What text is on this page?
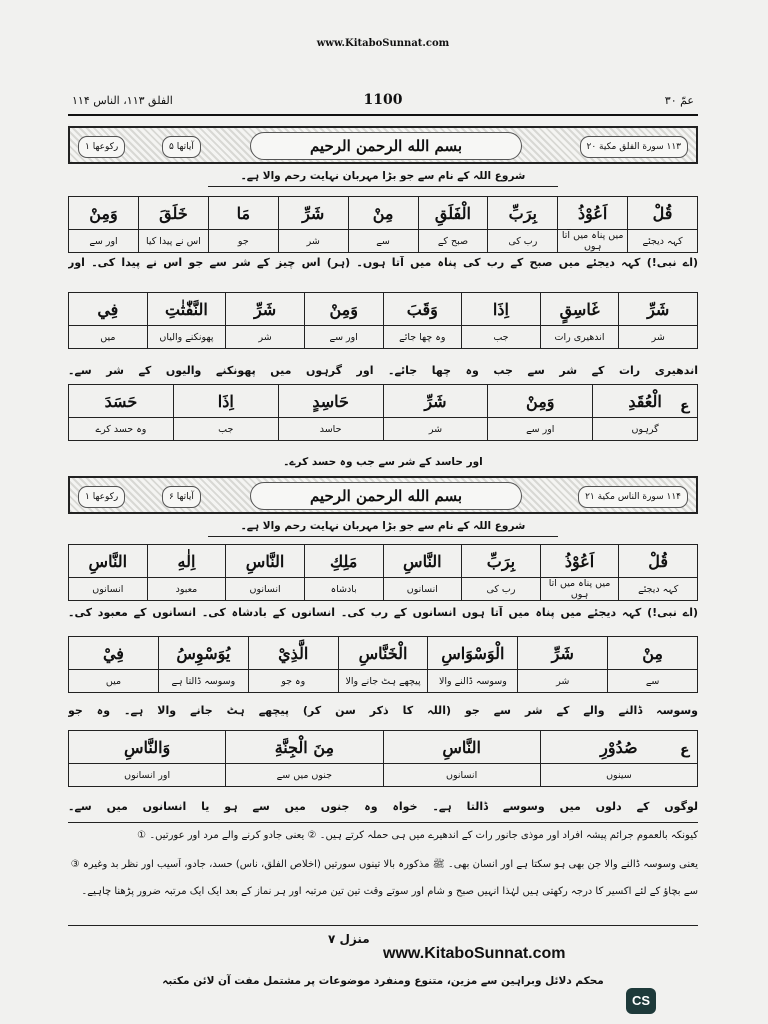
www.KitaboSunnat.com
الفلق ۱۱۳، الناس ۱۱۴	1100	عمّ ۳۰
ركوعها ۱	آياتها ۵	بسم الله الرحمن الرحيم	۱۱۳ سورة الفلق مكية ۲۰
شروع اللہ کے نام سے جو بڑا مہربان نہایت رحم والا ہے۔
قُلْ	اَعُوْذُ	بِرَبِّ	الْفَلَقِ	مِنْ	شَرِّ	مَا	خَلَقَ	وَمِنْ
کہہ دیجئے	میں پناہ میں آتا ہوں	رب کی	صبح کے	سے	شر	جو	اس نے پیدا کیا	اور سے
(اے نبی!) کہہ دیجئے میں صبح کے رب کی پناہ میں آتا ہوں۔ (ہر) اس چیز کے شر سے جو اس نے پیدا کی۔ اور
شَرِّ	غَاسِقٍ	اِذَا	وَقَبَ	وَمِنْ	شَرِّ	النَّفّٰثٰتِ	فِي
شر	اندھیری رات	جب	وہ چھا جائے	اور سے	شر	پھونکنے والیاں	میں
اندھیری رات کے شر سے جب وہ چھا جائے۔ اور گرہوں میں پھونکنے والیوں کے شر سے۔
الْعُقَدِ	وَمِنْ	شَرِّ	حَاسِدٍ	اِذَا	حَسَدَ
گرہوں	اور سے	شر	حاسد	جب	وہ حسد کرے
ع
اور حاسد کے شر سے جب وہ حسد کرے۔
ركوعها ۱	آياتها ۶	بسم الله الرحمن الرحيم	۱۱۴ سورة الناس مكية ۲۱
شروع اللہ کے نام سے جو بڑا مہربان نہایت رحم والا ہے۔
قُلْ	اَعُوْذُ	بِرَبِّ	النَّاسِ	مَلِكِ	النَّاسِ	اِلٰهِ	النَّاسِ
کہہ دیجئے	میں پناہ میں آتا ہوں	رب کی	انسانوں	بادشاہ	انسانوں	معبود	انسانوں
(اے نبی!) کہہ دیجئے میں پناہ میں آتا ہوں انسانوں کے رب کی۔ انسانوں کے بادشاہ کی۔ انسانوں کے معبود کی۔
مِنْ	شَرِّ	الْوَسْوَاسِ	الْخَنَّاسِ	الَّذِيْ	يُوَسْوِسُ	فِيْ
سے	شر	وسوسہ ڈالنے والا	پیچھے ہٹ جانے والا	وہ جو	وسوسہ ڈالتا ہے	میں
وسوسہ ڈالنے والے کے شر سے جو (اللہ کا ذکر سن کر) پیچھے ہٹ جانے والا ہے۔ وہ جو
صُدُوْرِ	النَّاسِ	مِنَ الْجِنَّةِ	وَالنَّاسِ
سینوں	انسانوں	جنوں میں سے	اور انسانوں
ع
لوگوں کے دلوں میں وسوسے ڈالتا ہے۔ خواہ وہ جنوں میں سے ہو یا انسانوں میں سے۔
کیونکہ بالعموم جرائم پیشہ افراد اور موذی جانور رات کے اندھیرے میں ہی حملہ کرتے ہیں۔ ② یعنی جادو کرنے والے مرد اور عورتیں۔ ①
یعنی وسوسہ ڈالنے والا جن بھی ہو سکتا ہے اور انسان بھی۔ ﷺ مذکورہ بالا تینوں سورتیں (اخلاص الفلق، ناس) حسد، جادو، آسیب اور نظر بد وغیرہ ③
سے بچاؤ کے لئے اکسیر کا درجہ رکھتی ہیں لہٰذا انہیں صبح و شام اور سوتے وقت تین تین مرتبہ اور ہر نماز کے بعد ایک ایک مرتبہ ضرور پڑھنا چاہیے۔
منزل ۷
www.KitaboSunnat.com
محکم دلائل وبراہین سے مزین، متنوع ومنفرد موضوعات پر مشتمل مفت آن لائن مکتبہ
CS
